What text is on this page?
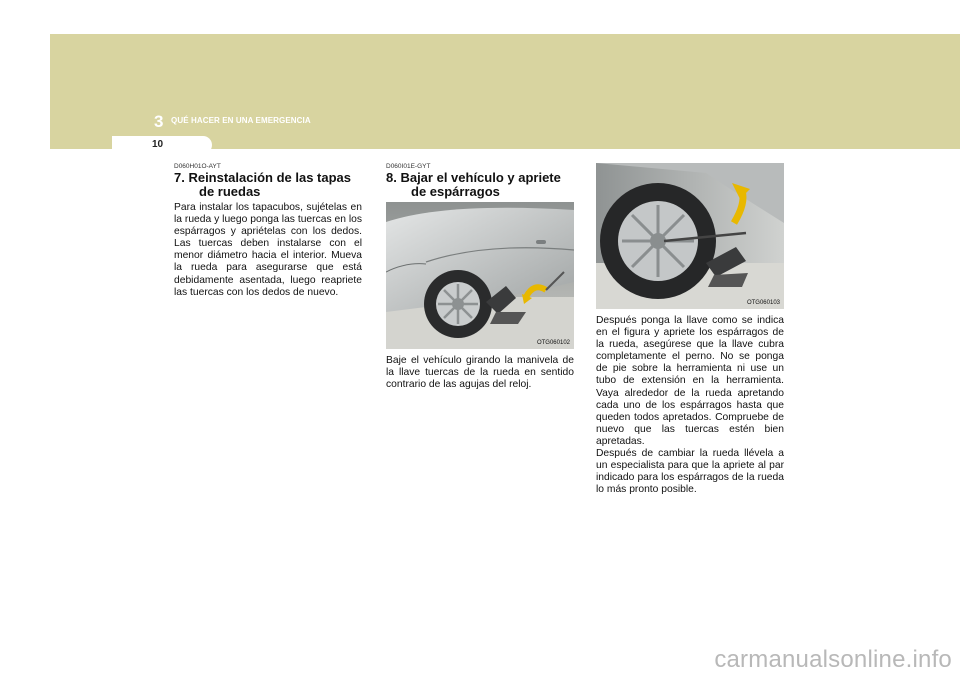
3 QUÉ HACER EN UNA EMERGENCIA
10
D060H01O-AYT
7. Reinstalación de las tapas de ruedas

Para instalar los tapacubos, sujételas en la rueda y luego ponga las tuercas en los espárragos y apriételas con los dedos. Las tuercas deben instalarse con el menor diámetro hacia el interior. Mueva la rueda para asegurarse que está debidamente asentada, luego reapriete las tuercas con los dedos de nuevo.

D060I01E-GYT
8. Bajar el vehículo y apriete de espárragos
OTG060102

Baje el vehículo girando la manivela de la llave tuercas de la rueda en sentido contrario de las agujas del reloj.

OTG060103

Después ponga la llave como se indica en el figura y apriete los espárragos de la rueda, asegúrese que la llave cubra completamente el perno. No se ponga de pie sobre la herramienta ni use un tubo de extensión en la herramienta. Vaya alrededor de la rueda apretando cada uno de los espárragos hasta que queden todos apretados. Compruebe de nuevo que las tuercas estén bien apretadas.

Después de cambiar la rueda llévela a un especialista para que la apriete al par indicado para los espárragos de la rueda lo más pronto posible.

carmanualsonline.info
